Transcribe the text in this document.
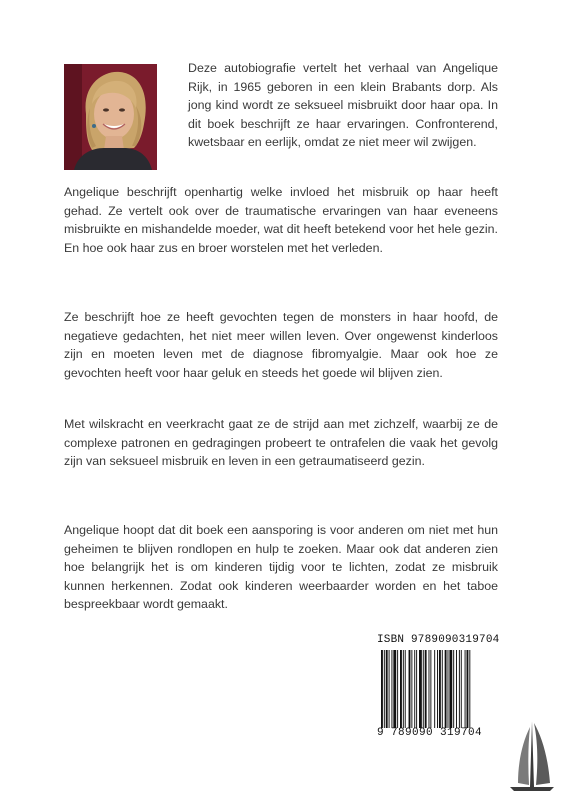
Deze autobiografie vertelt het verhaal van Angelique Rijk, in 1965 geboren in een klein Brabants dorp. Als jong kind wordt ze seksueel misbruikt door haar opa. In dit boek beschrijft ze haar ervaringen. Confronterend, kwetsbaar en eerlijk, omdat ze niet meer wil zwijgen.

Angelique beschrijft openhartig welke invloed het misbruik op haar heeft gehad. Ze vertelt ook over de traumatische ervaringen van haar eveneens misbruikte en mishandelde moeder, wat dit heeft betekend voor het hele gezin. En hoe ook haar zus en broer worstelen met het verleden.

Ze beschrijft hoe ze heeft gevochten tegen de monsters in haar hoofd, de negatieve gedachten, het niet meer willen leven. Over ongewenst kinderloos zijn en moeten leven met de diagnose fibromyalgie. Maar ook hoe ze gevochten heeft voor haar geluk en steeds het goede wil blijven zien.

Met wilskracht en veerkracht gaat ze de strijd aan met zichzelf, waarbij ze de complexe patronen en gedragingen probeert te ontrafelen die vaak het gevolg zijn van seksueel misbruik en leven in een getraumatiseerd gezin.

Angelique hoopt dat dit boek een aansporing is voor anderen om niet met hun geheimen te blijven rondlopen en hulp te zoeken. Maar ook dat anderen zien hoe belangrijk het is om kinderen tijdig voor te lichten, zodat ze misbruik kunnen herkennen. Zodat ook kinderen weerbaarder worden en het taboe bespreekbaar wordt gemaakt.

ISBN 9789090319704
9 789090 319704
